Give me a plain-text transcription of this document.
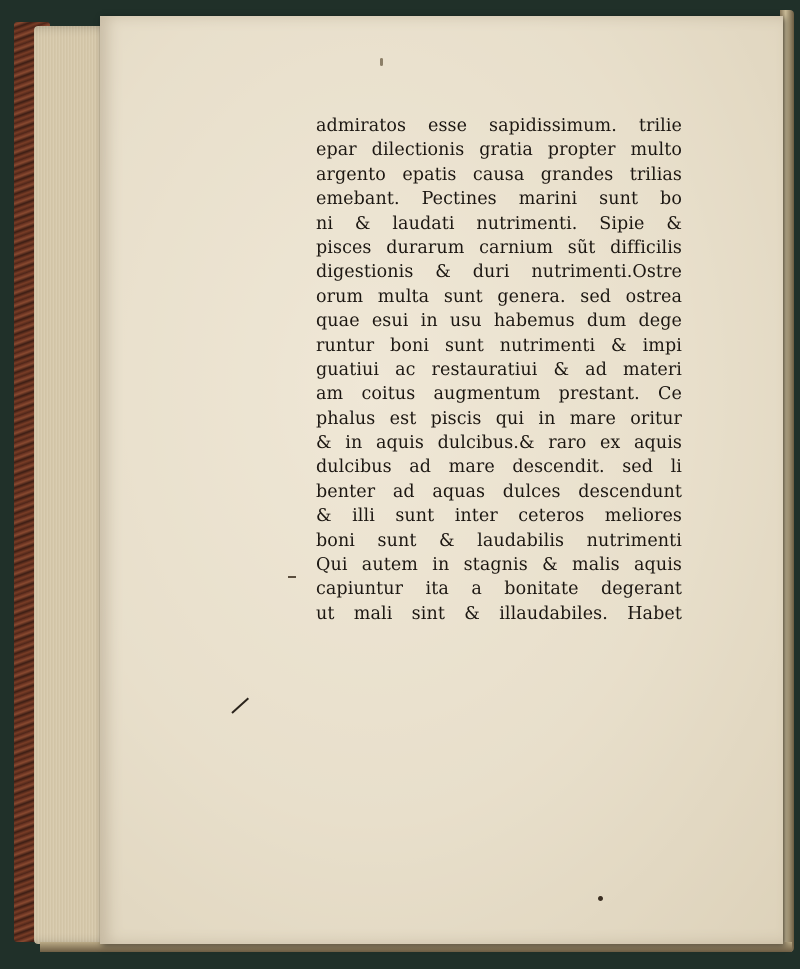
admiratos esse sapidissimum. trilie
epar dilectionis gratia propter multo
argento epatis causa grandes trilias
emebant. Pectines marini sunt bo
ni & laudati nutrimenti. Sipie &
pisces durarum carnium sũt difficilis
digestionis & duri nutrimenti.Ostre
orum multa sunt genera. sed ostrea
quae esui in usu habemus dum dege
runtur boni sunt nutrimenti & impi
guatiui ac restauratiui & ad materi
am coitus augmentum prestant. Ce
phalus est piscis qui in mare oritur
& in aquis dulcibus.& raro ex aquis
dulcibus ad mare descendit. sed li
benter ad aquas dulces descendunt
& illi sunt inter ceteros meliores
boni sunt & laudabilis nutrimenti
Qui autem in stagnis & malis aquis
capiuntur ita a bonitate degerant
ut mali sint & illaudabiles. Habet
